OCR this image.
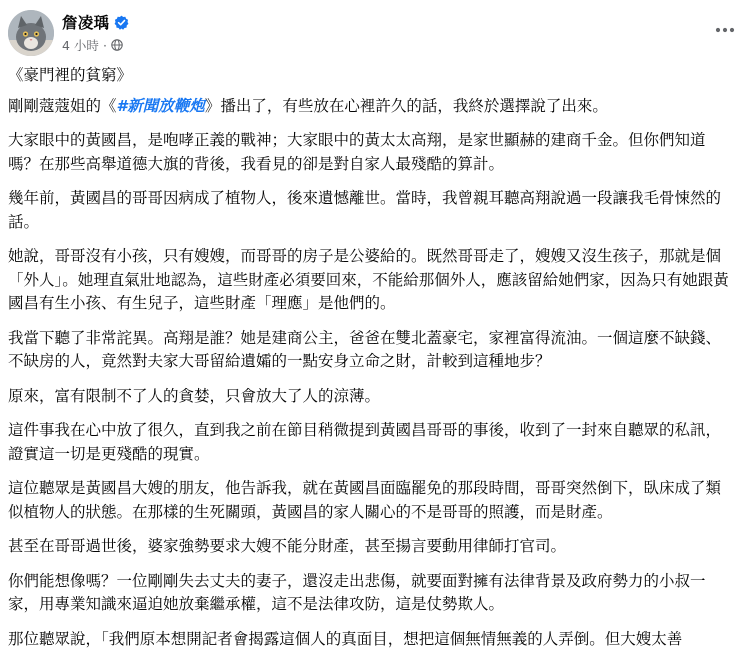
詹凌瑀
4 小時 ·

《豪門裡的貧窮》

剛剛蔻蔻姐的《#新聞放鞭炮》播出了，有些放在心裡許久的話，我終於選擇說了出來。

大家眼中的黃國昌，是咆哮正義的戰神；大家眼中的黃太太高翔，是家世顯赫的建商千金。但你們知道嗎？在那些高舉道德大旗的背後，我看見的卻是對自家人最殘酷的算計。

幾年前，黃國昌的哥哥因病成了植物人，後來遺憾離世。當時，我曾親耳聽高翔說過一段讓我毛骨悚然的話。

她說，哥哥沒有小孩，只有嫂嫂，而哥哥的房子是公婆給的。既然哥哥走了，嫂嫂又沒生孩子，那就是個「外人」。她理直氣壯地認為，這些財產必須要回來，不能給那個外人，應該留給她們家，因為只有她跟黃國昌有生小孩、有生兒子，這些財產「理應」是他們的。

我當下聽了非常詫異。高翔是誰？她是建商公主，爸爸在雙北蓋豪宅，家裡富得流油。一個這麼不缺錢、不缺房的人，竟然對夫家大哥留給遺孀的一點安身立命之財，計較到這種地步？

原來，富有限制不了人的貪婪，只會放大了人的涼薄。

這件事我在心中放了很久，直到我之前在節目稍微提到黃國昌哥哥的事後，收到了一封來自聽眾的私訊，證實這一切是更殘酷的現實。

這位聽眾是黃國昌大嫂的朋友，他告訴我，就在黃國昌面臨罷免的那段時間，哥哥突然倒下，臥床成了類似植物人的狀態。在那樣的生死關頭，黃國昌的家人關心的不是哥哥的照護，而是財產。

甚至在哥哥過世後，婆家強勢要求大嫂不能分財產，甚至揚言要動用律師打官司。

你們能想像嗎？一位剛剛失去丈夫的妻子，還沒走出悲傷，就要面對擁有法律背景及政府勢力的小叔一家，用專業知識來逼迫她放棄繼承權，這不是法律攻防，這是仗勢欺人。

那位聽眾說，「我們原本想開記者會揭露這個人的真面目，想把這個無情無義的人弄倒。但大嫂太善
